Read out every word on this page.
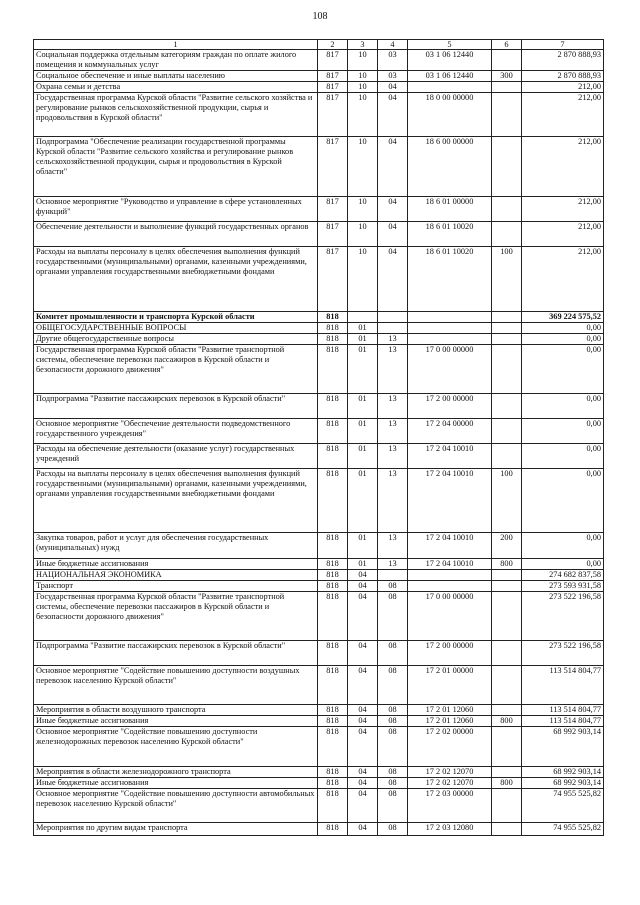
108
1	2	3	4	5	6	7
Социальная поддержка отдельным категориям граждан по оплате жилого помещения и коммунальных услуг	817	10	03	03 1 06 12440		2 870 888,93
Социальное обеспечение и иные выплаты населению	817	10	03	03 1 06 12440	300	2 870 888,93
Охрана семьи и детства	817	10	04			212,00
Государственная программа Курской области "Развитие сельского хозяйства и регулирование рынков сельскохозяйственной продукции, сырья и продовольствия в Курской области"	817	10	04	18 0 00 00000		212,00
Подпрограмма "Обеспечение реализации государственной программы Курской области "Развитие сельского хозяйства и регулирование рынков сельскохозяйственной продукции, сырья и продовольствия в Курской области"	817	10	04	18 6 00 00000		212,00
Основное мероприятие "Руководство и управление в сфере установленных функций"	817	10	04	18 6 01 00000		212,00
Обеспечение деятельности и выполнение функций государственных органов	817	10	04	18 6 01 10020		212,00
Расходы на выплаты персоналу в целях обеспечения выполнения функций государственными (муниципальными) органами, казенными учреждениями, органами управления государственными внебюджетными фондами	817	10	04	18 6 01 10020	100	212,00
Комитет промышленности и транспорта Курской области	818					369 224 575,52
ОБЩЕГОСУДАРСТВЕННЫЕ ВОПРОСЫ	818	01				0,00
Другие общегосударственные вопросы	818	01	13			0,00
Государственная программа Курской области "Развитие транспортной системы, обеспечение перевозки пассажиров в Курской области и безопасности дорожного движения"	818	01	13	17 0 00 00000		0,00
Подпрограмма "Развитие пассажирских перевозок в Курской области"	818	01	13	17 2 00 00000		0,00
Основное мероприятие "Обеспечение деятельности подведомственного государственного учреждения"	818	01	13	17 2 04 00000		0,00
Расходы на обеспечение деятельности (оказание услуг) государственных учреждений	818	01	13	17 2 04 10010		0,00
Расходы на выплаты персоналу в целях обеспечения выполнения функций государственными (муниципальными) органами, казенными учреждениями, органами управления государственными внебюджетными фондами	818	01	13	17 2 04 10010	100	0,00
Закупка товаров, работ и услуг для обеспечения государственных (муниципальных) нужд	818	01	13	17 2 04 10010	200	0,00
Иные бюджетные ассигнования	818	01	13	17 2 04 10010	800	0,00
НАЦИОНАЛЬНАЯ ЭКОНОМИКА	818	04				274 682 837,58
Транспорт	818	04	08			273 593 931,58
Государственная программа Курской области "Развитие транспортной системы, обеспечение перевозки пассажиров в Курской области и безопасности дорожного движения"	818	04	08	17 0 00 00000		273 522 196,58
Подпрограмма "Развитие пассажирских перевозок в Курской области"	818	04	08	17 2 00 00000		273 522 196,58
Основное мероприятие "Содействие повышению доступности воздушных перевозок населению Курской области"	818	04	08	17 2 01 00000		113 514 804,77
Мероприятия в области воздушного транспорта	818	04	08	17 2 01 12060		113 514 804,77
Иные бюджетные ассигнования	818	04	08	17 2 01 12060	800	113 514 804,77
Основное мероприятие "Содействие повышению доступности железнодорожных перевозок населению Курской области"	818	04	08	17 2 02 00000		68 992 903,14
Мероприятия в области железнодорожного транспорта	818	04	08	17 2 02 12070		68 992 903,14
Иные бюджетные ассигнования	818	04	08	17 2 02 12070	800	68 992 903,14
Основное мероприятие "Содействие повышению доступности автомобильных перевозок населению Курской области"	818	04	08	17 2 03 00000		74 955 525,82
Мероприятия по другим видам транспорта	818	04	08	17 2 03 12080		74 955 525,82
